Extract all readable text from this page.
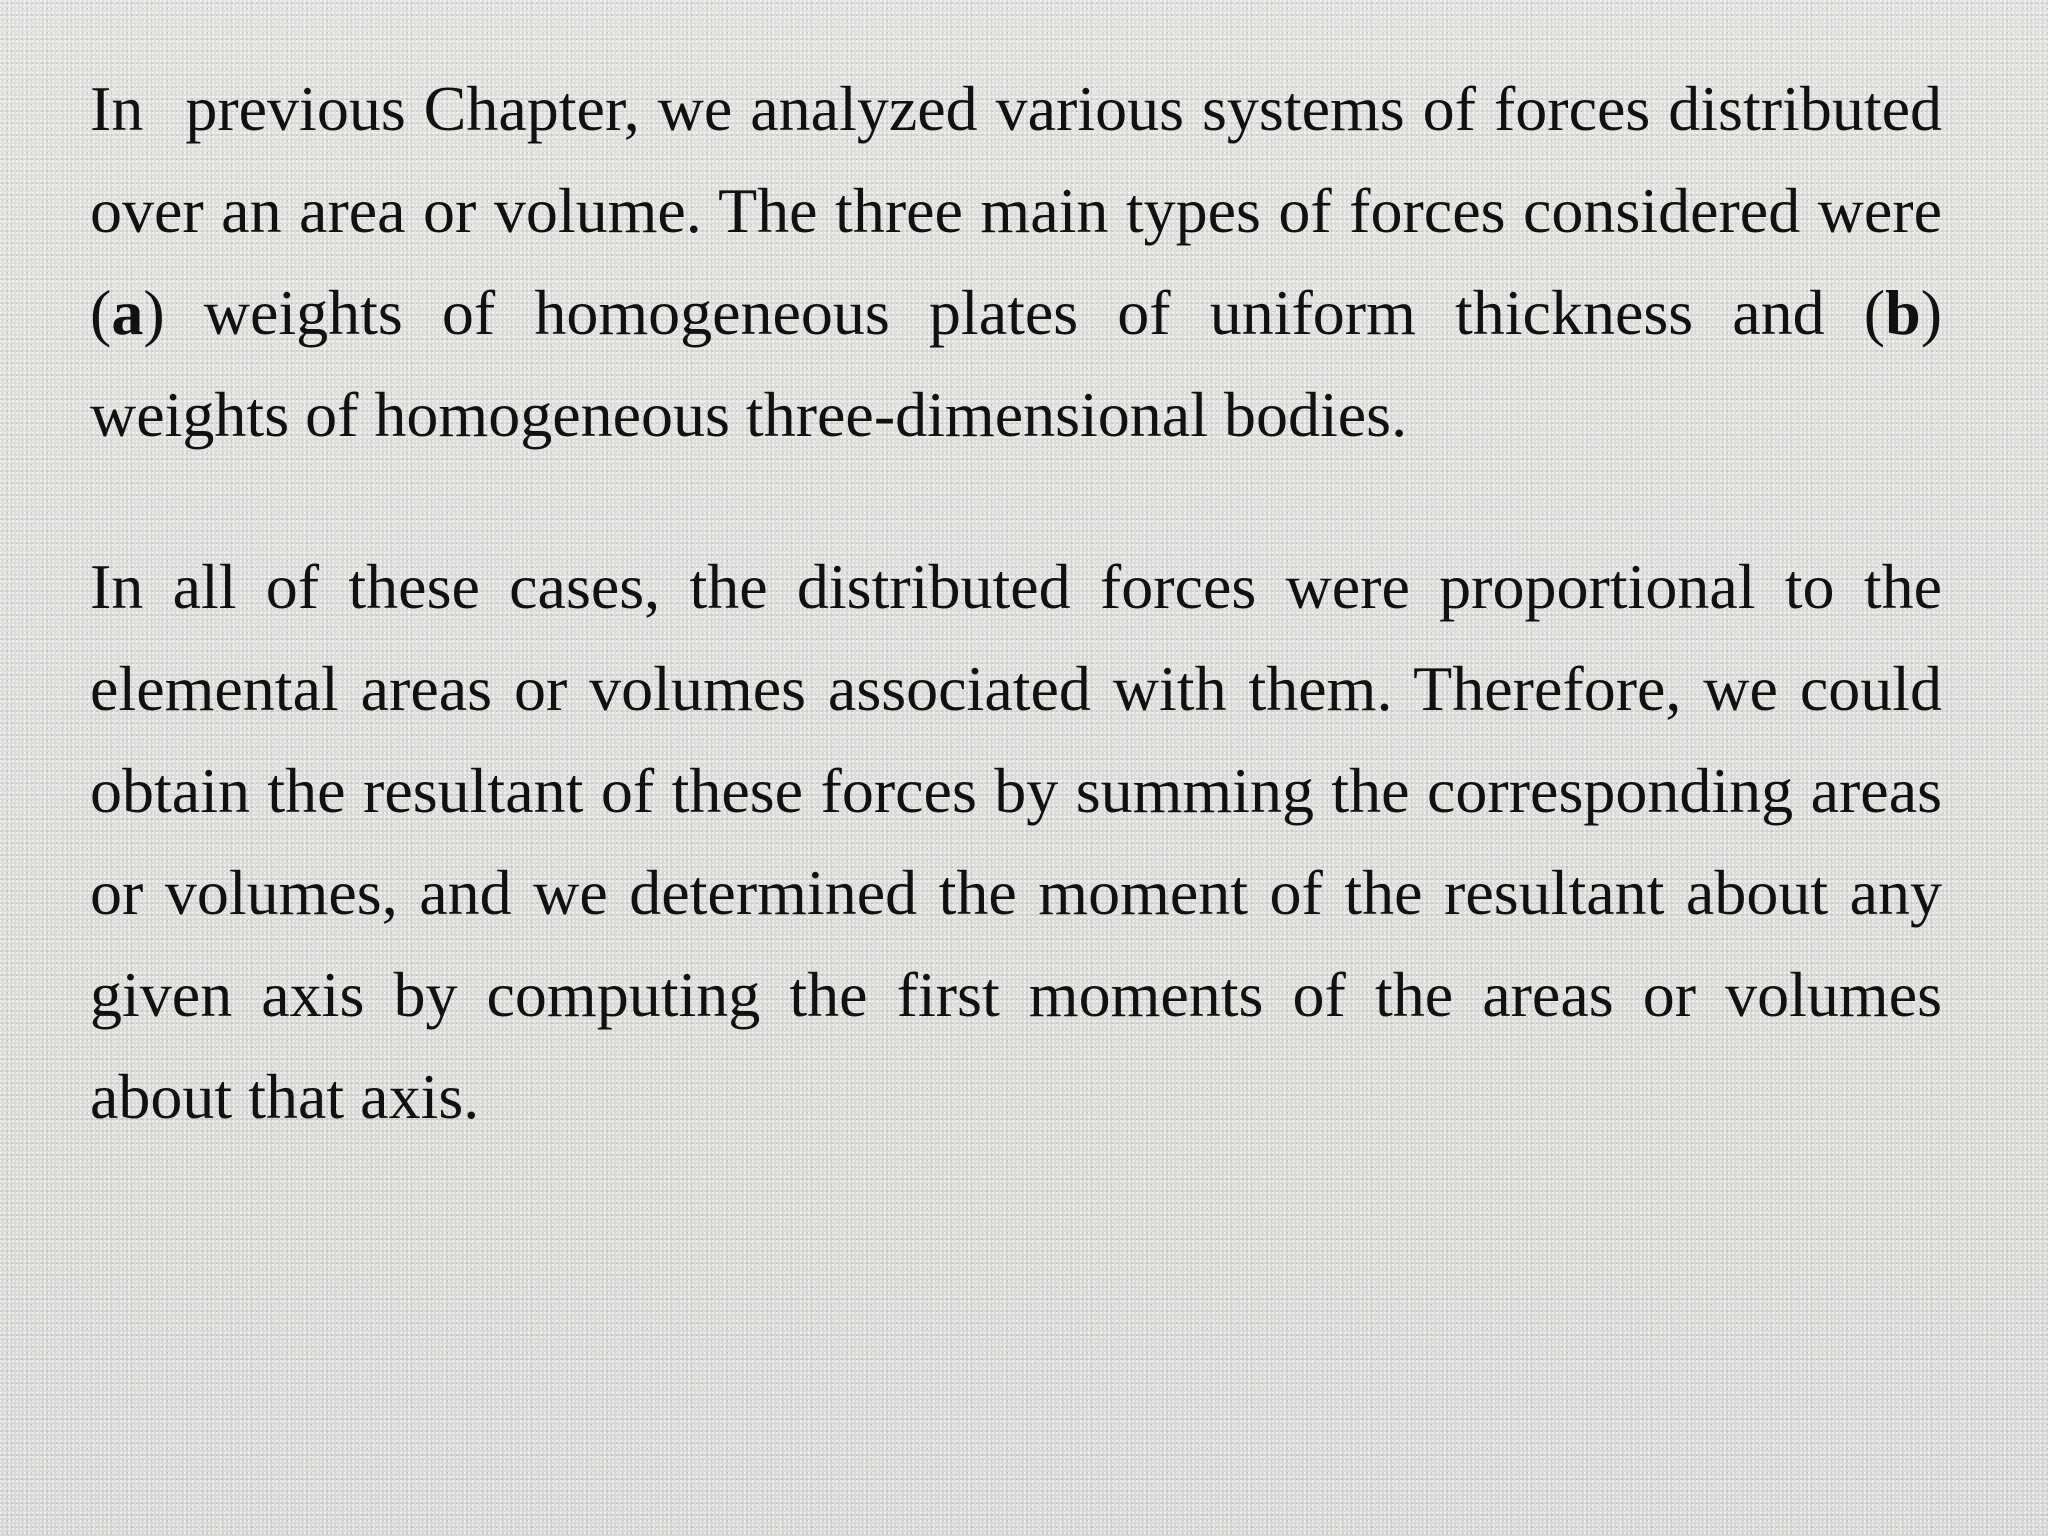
In previous Chapter, we analyzed various systems of forces distributed over an area or volume. The three main types of forces considered were (a) weights of homogeneous plates of uniform thickness and (b) weights of homogeneous three-dimensional bodies.

In all of these cases, the distributed forces were proportional to the elemental areas or volumes associated with them. Therefore, we could obtain the resultant of these forces by summing the corresponding areas or volumes, and we determined the moment of the resultant about any given axis by computing the first moments of the areas or volumes about that axis.
